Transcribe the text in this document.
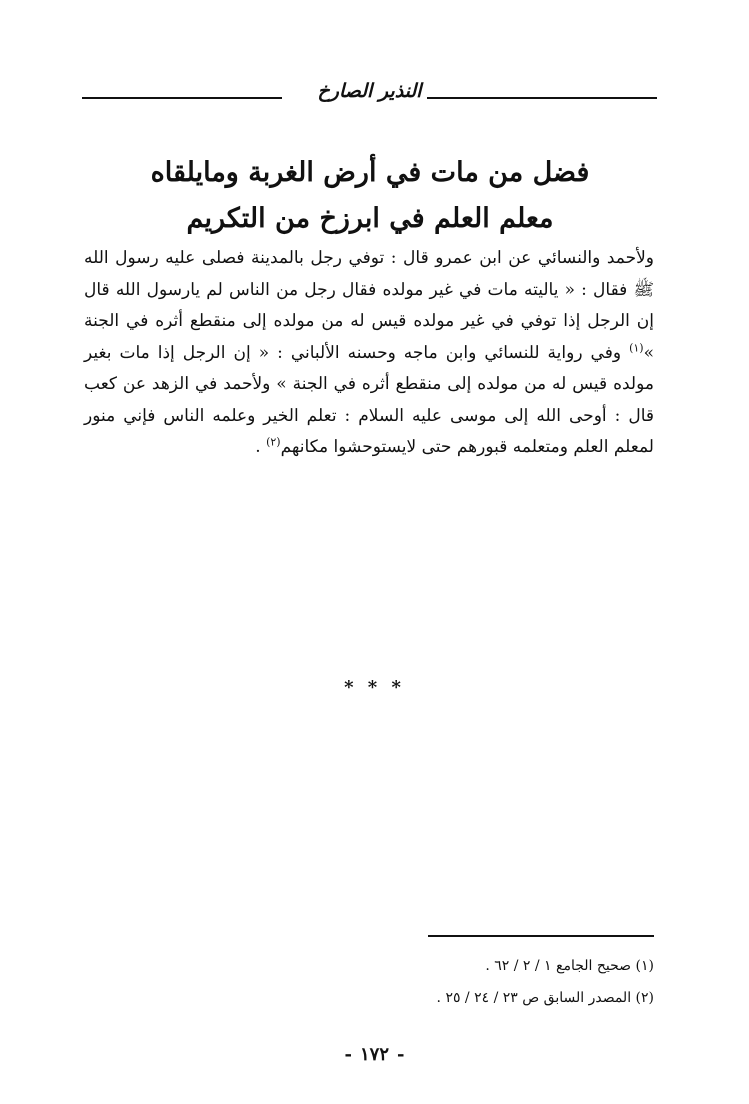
النذير الصارخ
فضل من مات في أرض الغربة ومايلقاه
معلم العلم في ابرزخ من التكريم

ولأحمد والنسائي عن ابن عمرو قال : توفي رجل بالمدينة فصلى عليه رسول الله ﷺ فقال : « ياليته مات في غير مولده فقال رجل من الناس لم يارسول الله قال إن الرجل إذا توفي في غير مولده قيس له من مولده إلى منقطع أثره في الجنة »$^{(١)}$ وفي رواية للنسائي وابن ماجه وحسنه الألباني : « إن الرجل إذا مات بغير مولده قيس له من مولده إلى منقطع أثره في الجنة » ولأحمد في الزهد عن كعب قال : أوحى الله إلى موسى عليه السلام : تعلم الخير وعلمه الناس فإني منور لمعلم العلم ومتعلمه قبورهم حتى لايستوحشوا مكانهم$^{(٢)}$ .

* * *
(١) صحيح الجامع ١ / ٢ / ٦٢ .
(٢) المصدر السابق ص ٢٣ / ٢٤ / ٢٥ .
-١٧٢-
